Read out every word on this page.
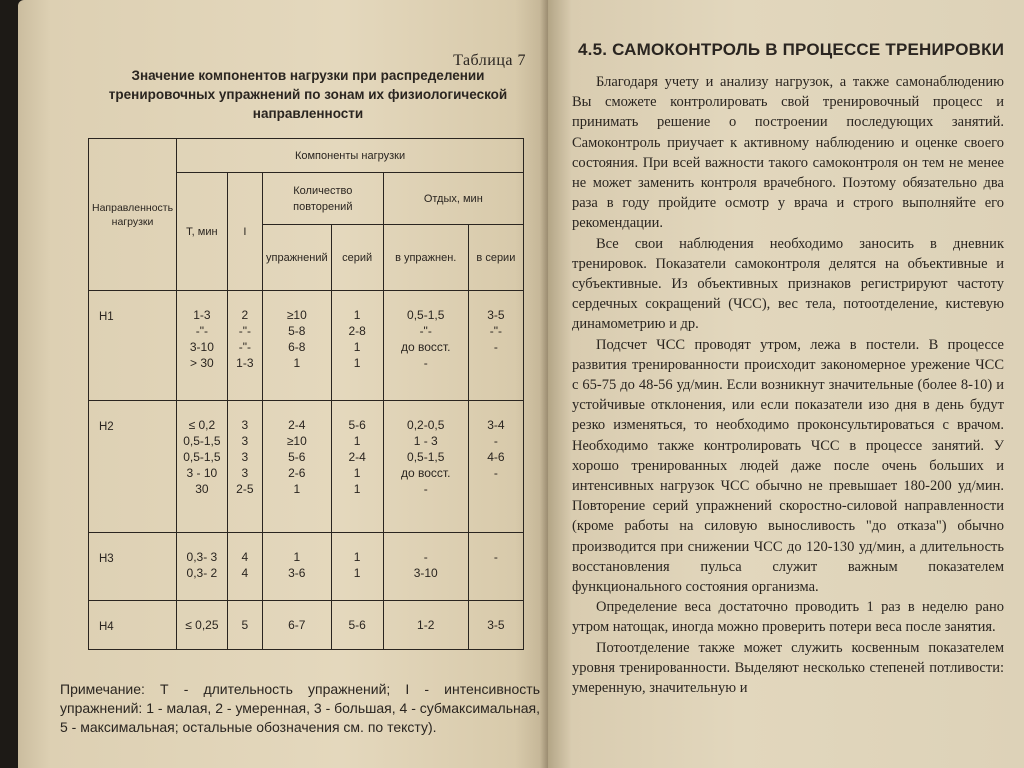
Таблица 7
Значение компонентов нагрузки при распределении тренировочных упражнений по зонам их физиологической направленности
Направленность нагрузки	Компоненты нагрузки					
	Т, мин	I	Количество повторений		Отдых, мин	
			упражнений	серий	в упражнен.	в серии
Н1	1-3
-"-
3-10
> 30	2
-"-
-"-
1-3	≥10
5-8
6-8
1	1
2-8
1
1	0,5-1,5
-"-
до восст.
-	3-5
-"-
-

Н2	≤ 0,2
0,5-1,5
0,5-1,5
3 - 10
30	3
3
3
3
2-5	2-4
≥10
5-6
2-6
1	5-6
1
2-4
1
1	0,2-0,5
1 - 3
0,5-1,5
до восст.
-	3-4
-
4-6
-

Н3	0,3- 3
0,3- 2	4
4	1
3-6	1
1	-
3-10	-

Н4	≤ 0,25	5	6-7	5-6	1-2	3-5
Примечание: Т - длительность упражнений; I - интенсивность упражнений: 1 - малая, 2 - умеренная, 3 - большая, 4 - субмаксимальная, 5 - максимальная; остальные обозначения см. по тексту).
4.5. САМОКОНТРОЛЬ В ПРОЦЕССЕ ТРЕНИРОВКИ

Благодаря учету и анализу нагрузок, а также самонаблюдению Вы сможете контролировать свой тренировочный процесс и принимать решение о построении последующих занятий. Самоконтроль приучает к активному наблюдению и оценке своего состояния. При всей важности такого самоконтроля он тем не менее не может заменить контроля врачебного. Поэтому обязательно два раза в году пройдите осмотр у врача и строго выполняйте его рекомендации.

Все свои наблюдения необходимо заносить в дневник тренировок. Показатели самоконтроля делятся на объективные и субъективные. Из объективных признаков регистрируют частоту сердечных сокращений (ЧСС), вес тела, потоотделение, кистевую динамометрию и др.

Подсчет ЧСС проводят утром, лежа в постели. В процессе развития тренированности происходит закономерное урежение ЧСС с 65-75 до 48-56 уд/мин. Если возникнут значительные (более 8-10) и устойчивые отклонения, или если показатели изо дня в день будут резко изменяться, то необходимо проконсультироваться с врачом. Необходимо также контролировать ЧСС в процессе занятий. У хорошо тренированных людей даже после очень больших и интенсивных нагрузок ЧСС обычно не превышает 180-200 уд/мин. Повторение серий упражнений скоростно-силовой направленности (кроме работы на силовую выносливость "до отказа") обычно производится при снижении ЧСС до 120-130 уд/мин, а длительность восстановления пульса служит важным показателем функционального состояния организма.

Определение веса достаточно проводить 1 раз в неделю рано утром натощак, иногда можно проверить потери веса после занятия.

Потоотделение также может служить косвенным показателем уровня тренированности. Выделяют несколько степеней потливости: умеренную, значительную и
